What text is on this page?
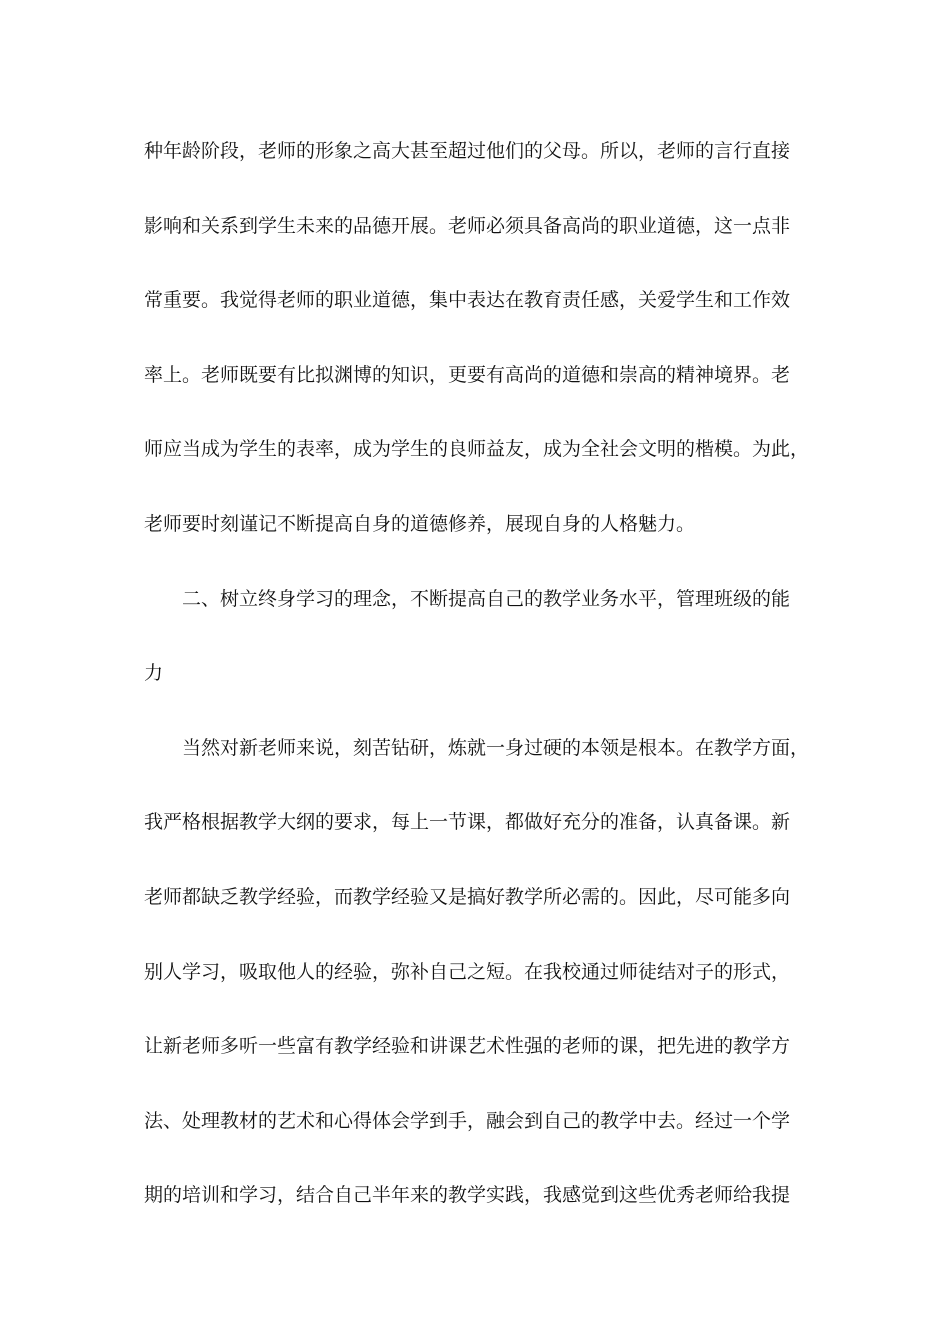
种年龄阶段，老师的形象之高大甚至超过他们的父母。所以，老师的言行直接
影响和关系到学生未来的品德开展。老师必须具备高尚的职业道德，这一点非
常重要。我觉得老师的职业道德，集中表达在教育责任感，关爱学生和工作效
率上。老师既要有比拟渊博的知识，更要有高尚的道德和崇高的精神境界。老
师应当成为学生的表率，成为学生的良师益友，成为全社会文明的楷模。为此，
老师要时刻谨记不断提高自身的道德修养，展现自身的人格魅力。
二、树立终身学习的理念，不断提高自己的教学业务水平，管理班级的能
力
当然对新老师来说，刻苦钻研，炼就一身过硬的本领是根本。在教学方面，
我严格根据教学大纲的要求，每上一节课，都做好充分的准备，认真备课。新
老师都缺乏教学经验，而教学经验又是搞好教学所必需的。因此，尽可能多向
别人学习，吸取他人的经验，弥补自己之短。在我校通过师徒结对子的形式，
让新老师多听一些富有教学经验和讲课艺术性强的老师的课，把先进的教学方
法、处理教材的艺术和心得体会学到手，融会到自己的教学中去。经过一个学
期的培训和学习，结合自己半年来的教学实践，我感觉到这些优秀老师给我提
